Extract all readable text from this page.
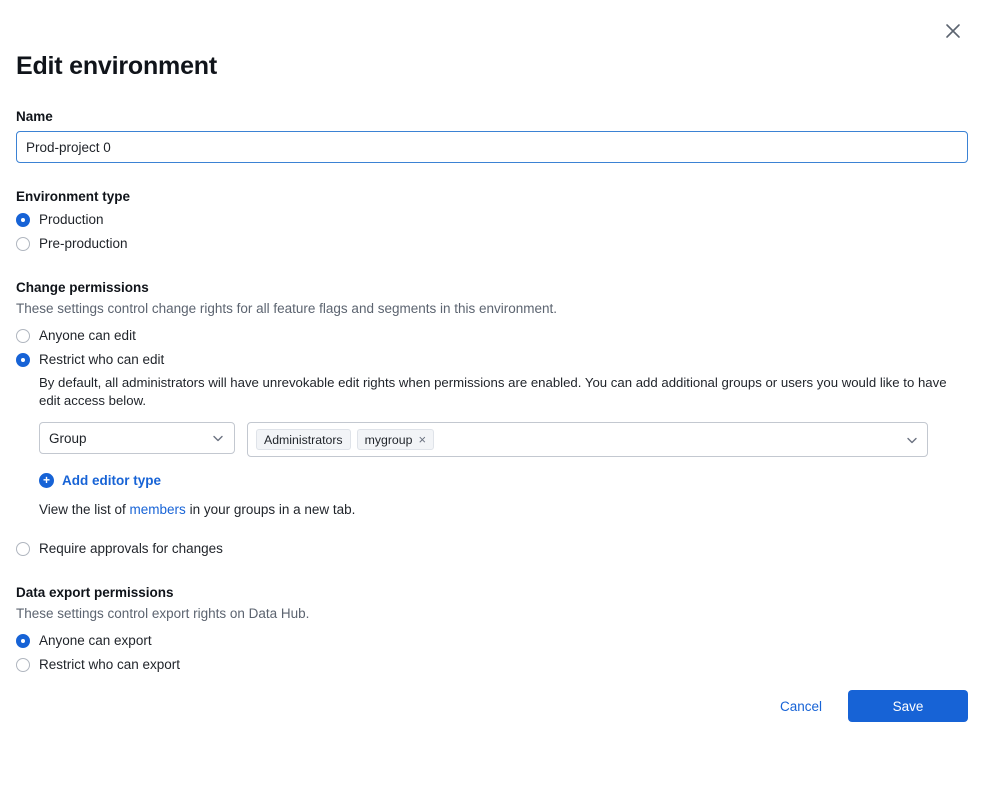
Edit environment
Name
Prod-project 0
Environment type
Production
Pre-production
Change permissions
These settings control change rights for all feature flags and segments in this environment.
Anyone can edit
Restrict who can edit
By default, all administrators will have unrevokable edit rights when permissions are enabled. You can add additional groups or users you would like to have edit access below.
Group	Administrators mygroup ×
+ Add editor type
View the list of members in your groups in a new tab.
Require approvals for changes
Data export permissions
These settings control export rights on Data Hub.
Anyone can export
Restrict who can export
Cancel	Save
